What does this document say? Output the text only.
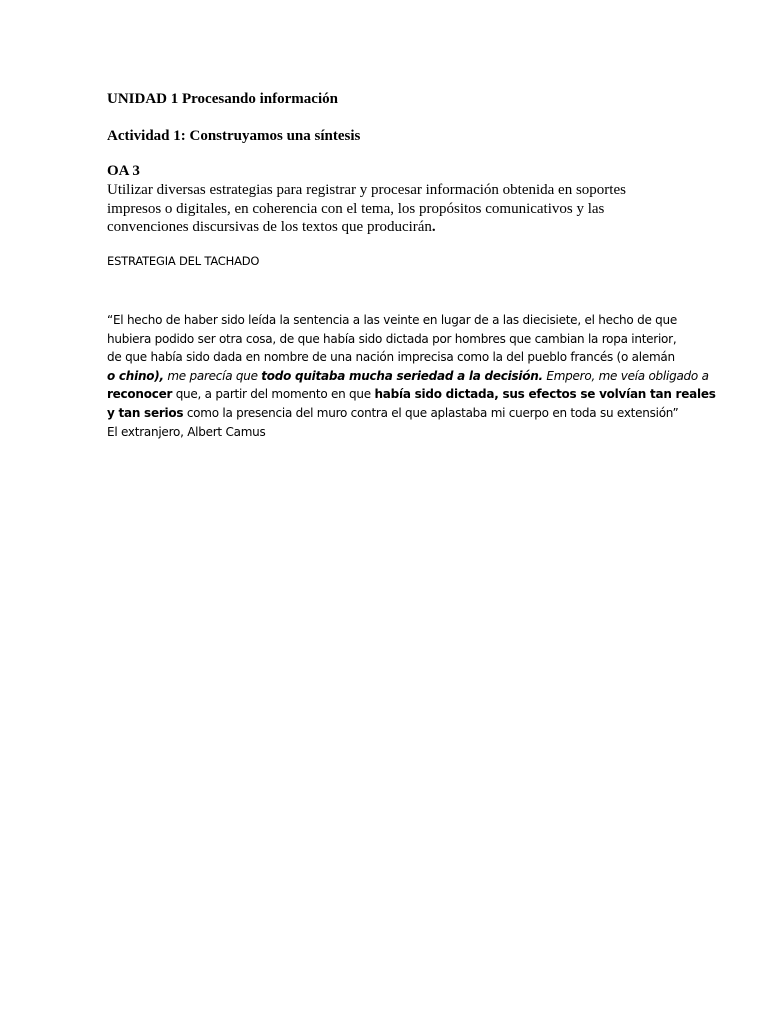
UNIDAD 1 Procesando información
Actividad 1: Construyamos una síntesis
OA 3
Utilizar diversas estrategias para registrar y procesar información obtenida en soportes
impresos o digitales, en coherencia con el tema, los propósitos comunicativos y las
convenciones discursivas de los textos que producirán.
ESTRATEGIA DEL TACHADO
“El hecho de haber sido leída la sentencia a las veinte en lugar de a las diecisiete, el hecho de que
hubiera podido ser otra cosa, de que había sido dictada por hombres que cambian la ropa interior,
de que había sido dada en nombre de una nación imprecisa como la del pueblo francés (o alemán
o chino), me parecía que todo quitaba mucha seriedad a la decisión. Empero, me veía obligado a
reconocer que, a partir del momento en que había sido dictada, sus efectos se volvían tan reales
y tan serios como la presencia del muro contra el que aplastaba mi cuerpo en toda su extensión”
El extranjero, Albert Camus
